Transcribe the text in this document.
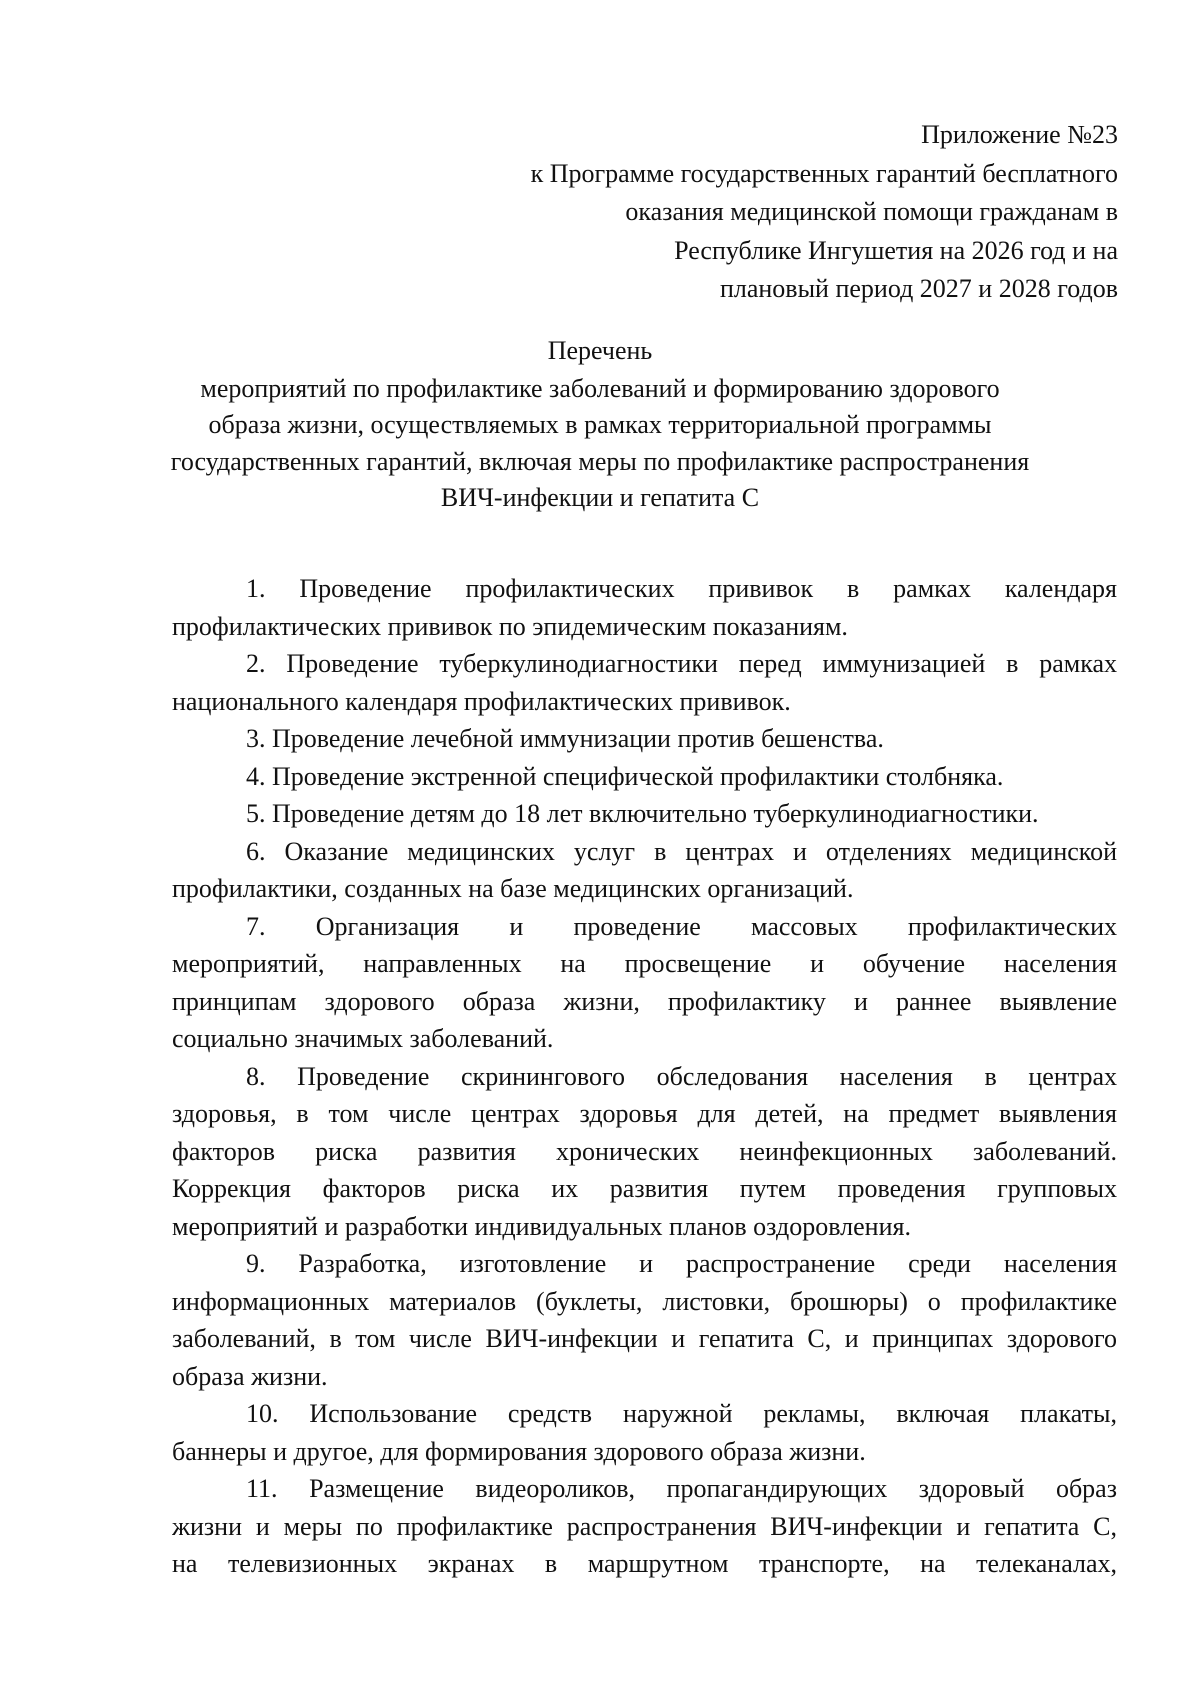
Приложение №23
к Программе государственных гарантий бесплатного
оказания медицинской помощи гражданам в
Республике Ингушетия на 2026 год и на
плановый период 2027 и 2028 годов
Перечень
мероприятий по профилактике заболеваний и формированию здорового
образа жизни, осуществляемых в рамках территориальной программы
государственных гарантий, включая меры по профилактике распространения
ВИЧ-инфекции и гепатита С
1. Проведение профилактических прививок в рамках календаря
профилактических прививок по эпидемическим показаниям.
2. Проведение туберкулинодиагностики перед иммунизацией в рамках
национального календаря профилактических прививок.
3. Проведение лечебной иммунизации против бешенства.
4. Проведение экстренной специфической профилактики столбняка.
5. Проведение детям до 18 лет включительно туберкулинодиагностики.
6. Оказание медицинских услуг в центрах и отделениях медицинской
профилактики, созданных на базе медицинских организаций.
7. Организация и проведение массовых профилактических
мероприятий, направленных на просвещение и обучение населения
принципам здорового образа жизни, профилактику и раннее выявление
социально значимых заболеваний.
8. Проведение скринингового обследования населения в центрах
здоровья, в том числе центрах здоровья для детей, на предмет выявления
факторов риска развития хронических неинфекционных заболеваний.
Коррекция факторов риска их развития путем проведения групповых
мероприятий и разработки индивидуальных планов оздоровления.
9. Разработка, изготовление и распространение среди населения
информационных материалов (буклеты, листовки, брошюры) о профилактике
заболеваний, в том числе ВИЧ-инфекции и гепатита С, и принципах здорового
образа жизни.
10. Использование средств наружной рекламы, включая плакаты,
баннеры и другое, для формирования здорового образа жизни.
11. Размещение видеороликов, пропагандирующих здоровый образ
жизни и меры по профилактике распространения ВИЧ-инфекции и гепатита С,
на телевизионных экранах в маршрутном транспорте, на телеканалах,
